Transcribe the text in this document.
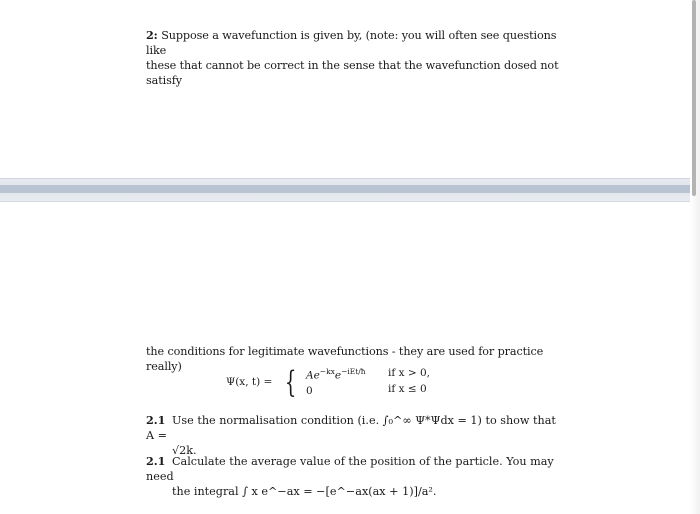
2: Suppose a wavefunction is given by, (note: you will often see questions like
these that cannot be correct in the sense that the wavefunction dosed not satisfy
the conditions for legitimate wavefunctions - they are used for practice really)
Ψ(x, t) = { $Ae^{-kx}e^{-iEt/ħ}$ if x > 0,
0	if x ≤ 0
2.1 Use the normalisation condition (i.e. ∫₀^∞ Ψ*Ψdx = 1) to show that A =
√2k.
2.1 Calculate the average value of the position of the particle. You may need
the integral ∫ x e^−ax = −[e^−ax(ax + 1)]/a².
